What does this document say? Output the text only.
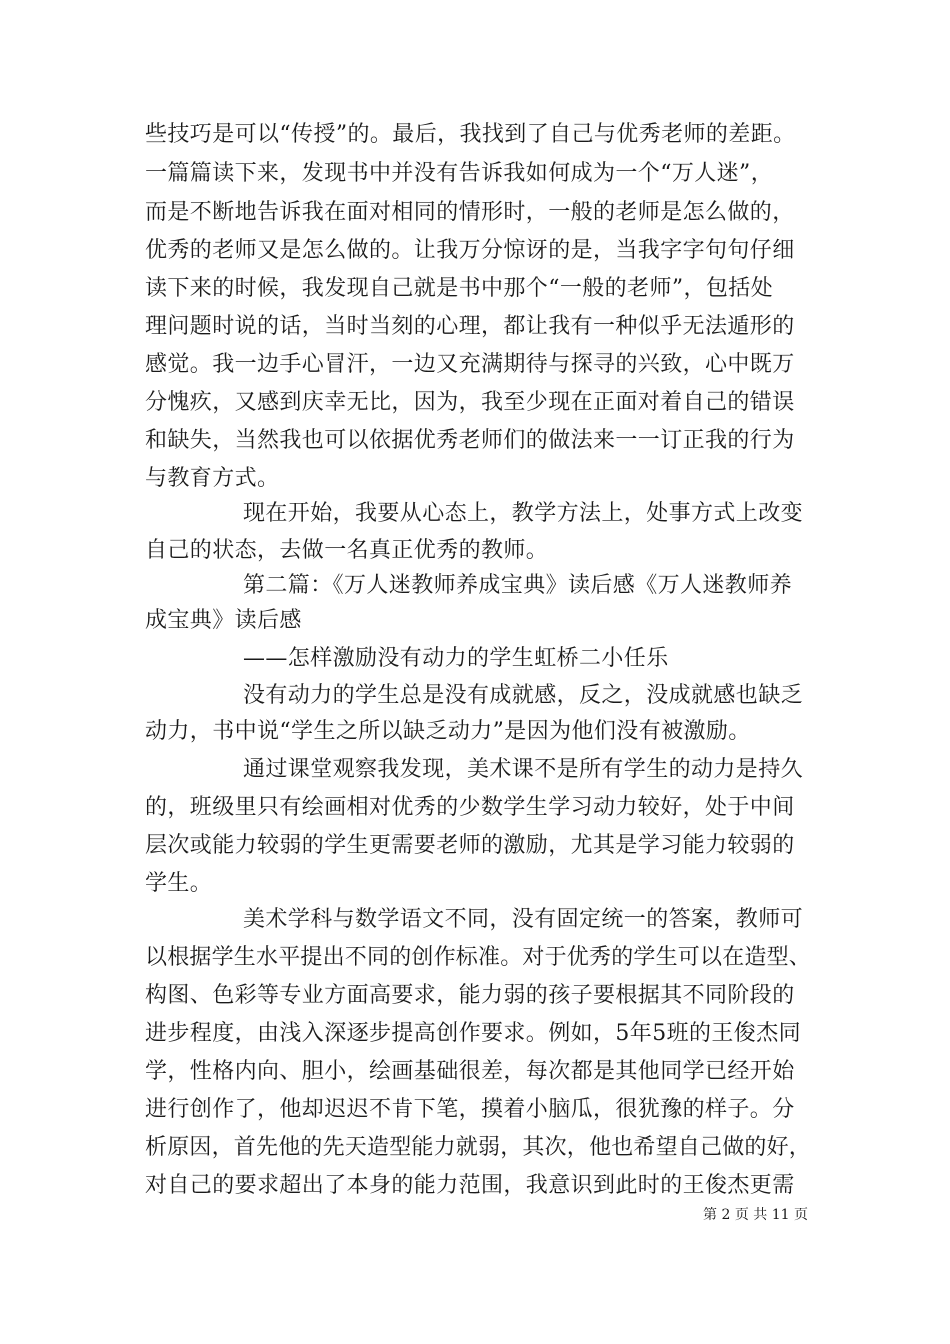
些技巧是可以“传授”的。最后，我找到了自己与优秀老师的差距。
一篇篇读下来，发现书中并没有告诉我如何成为一个“万人迷”，
而是不断地告诉我在面对相同的情形时，一般的老师是怎么做的，
优秀的老师又是怎么做的。让我万分惊讶的是，当我字字句句仔细
读下来的时候，我发现自己就是书中那个“一般的老师”，包括处
理问题时说的话，当时当刻的心理，都让我有一种似乎无法遁形的
感觉。我一边手心冒汗，一边又充满期待与探寻的兴致，心中既万
分愧疚，又感到庆幸无比，因为，我至少现在正面对着自己的错误
和缺失，当然我也可以依据优秀老师们的做法来一一订正我的行为
与教育方式。
现在开始，我要从心态上，教学方法上，处事方式上改变
自己的状态，去做一名真正优秀的教师。
第二篇：《万人迷教师养成宝典》读后感《万人迷教师养
成宝典》读后感
——怎样激励没有动力的学生虹桥二小任乐
没有动力的学生总是没有成就感，反之，没成就感也缺乏
动力，书中说“学生之所以缺乏动力”是因为他们没有被激励。
通过课堂观察我发现，美术课不是所有学生的动力是持久
的，班级里只有绘画相对优秀的少数学生学习动力较好，处于中间
层次或能力较弱的学生更需要老师的激励，尤其是学习能力较弱的
学生。
美术学科与数学语文不同，没有固定统一的答案，教师可
以根据学生水平提出不同的创作标准。对于优秀的学生可以在造型、
构图、色彩等专业方面高要求，能力弱的孩子要根据其不同阶段的
进步程度，由浅入深逐步提高创作要求。例如，5年5班的王俊杰同
学，性格内向、胆小，绘画基础很差，每次都是其他同学已经开始
进行创作了，他却迟迟不肯下笔，摸着小脑瓜，很犹豫的样子。分
析原因，首先他的先天造型能力就弱，其次，他也希望自己做的好，
对自己的要求超出了本身的能力范围，我意识到此时的王俊杰更需
第 2 页 共 11 页
